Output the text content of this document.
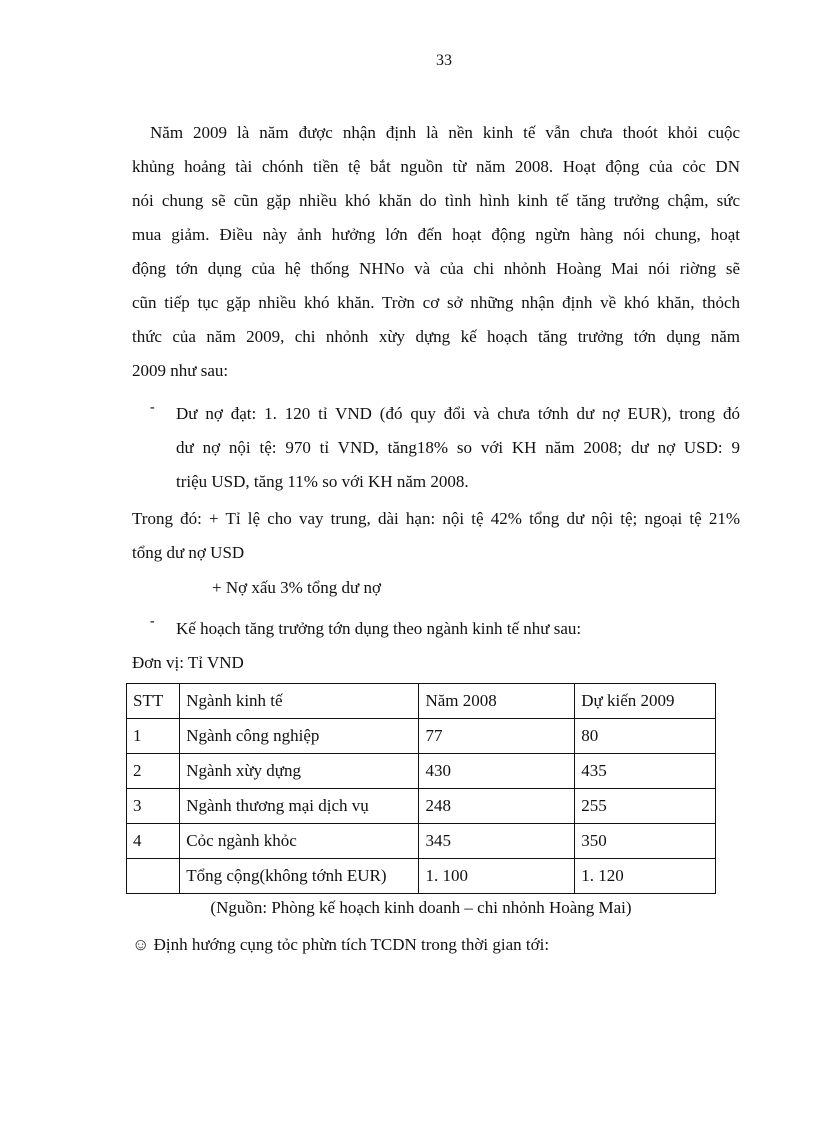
33
Năm 2009 là năm được nhận định là nền kinh tế vẫn chưa thoót khỏi cuộc
khủng hoảng tài chónh tiền tệ bắt nguồn từ năm 2008. Hoạt động của cỏc DN
nói chung sẽ cũn gặp nhiều khó khăn do tình hình kinh tế tăng trưởng chậm, sức
mua giảm. Điều này ảnh hưởng lớn đến hoạt động ngừn hàng nói chung, hoạt
động tớn dụng của hệ thống NHNo và của chi nhỏnh Hoàng Mai nói riờng sẽ
cũn tiếp tục gặp nhiều khó khăn. Trờn cơ sở những nhận định về khó khăn, thỏch
thức của năm 2009, chi nhỏnh xừy dựng kế hoạch tăng trưởng tớn dụng năm
2009 như sau:
- Dư nợ đạt: 1. 120 tỉ VND (đó quy đổi và chưa tớnh dư nợ EUR), trong đó
dư nợ nội tệ: 970 tỉ VND, tăng18% so với KH năm 2008; dư nợ USD: 9
triệu USD, tăng 11% so với KH năm 2008.
Trong đó: + Tỉ lệ cho vay trung, dài hạn: nội tệ 42% tổng dư nội tệ; ngoại tệ 21%
tổng dư nợ USD
+ Nợ xấu 3% tổng dư nợ
- Kế hoạch tăng trưởng tớn dụng theo ngành kinh tế như sau:
Đơn vị: Tỉ VND
STT	Ngành kinh tế	Năm 2008	Dự kiến 2009
1	Ngành công nghiệp	77	80
2	Ngành xừy dựng	430	435
3	Ngành thương mại dịch vụ	248	255
4	Cỏc ngành khỏc	345	350
	Tổng cộng(không tớnh EUR)	1. 100	1. 120
(Nguồn: Phòng kế hoạch kinh doanh – chi nhỏnh Hoàng Mai)
☺ Định hướng cụng tỏc phừn tích TCDN trong thời gian tới:
